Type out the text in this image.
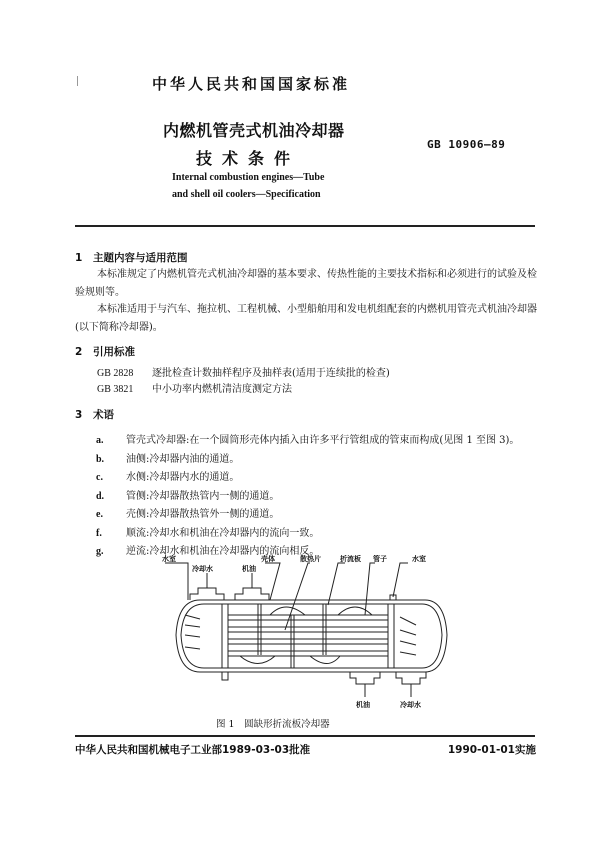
中华人民共和国国家标准
内燃机管壳式机油冷却器
技术条件
GB 10906—89
Internal combustion engines—Tube
and shell oil coolers—Specification
1 主题内容与适用范围
本标准规定了内燃机管壳式机油冷却器的基本要求、传热性能的主要技术指标和必须进行的试验及检验规则等。
本标准适用于与汽车、拖拉机、工程机械、小型船舶用和发电机组配套的内燃机用管壳式机油冷却器(以下简称冷却器)。
2 引用标准
GB 2828 逐批检查计数抽样程序及抽样表(适用于连续批的检查)
GB 3821 中小功率内燃机清洁度测定方法
3 术语
a. 管壳式冷却器:在一个圆筒形壳体内插入由许多平行管组成的管束而构成(见图 1 至图 3)。
b. 油侧:冷却器内油的通道。
c. 水侧:冷却器内水的通道。
d. 管侧:冷却器散热管内一侧的通道。
e. 壳侧:冷却器散热管外一侧的通道。
f. 顺流:冷却水和机油在冷却器内的流向一致。
g. 逆流:冷却水和机油在冷却器内的流向相反。
水室	壳体	散热片	折流板 管子	水室
冷却水	机油
机油	冷却水
图 1　圆缺形折流板冷却器
中华人民共和国机械电子工业部1989-03-03批准	1990-01-01实施
